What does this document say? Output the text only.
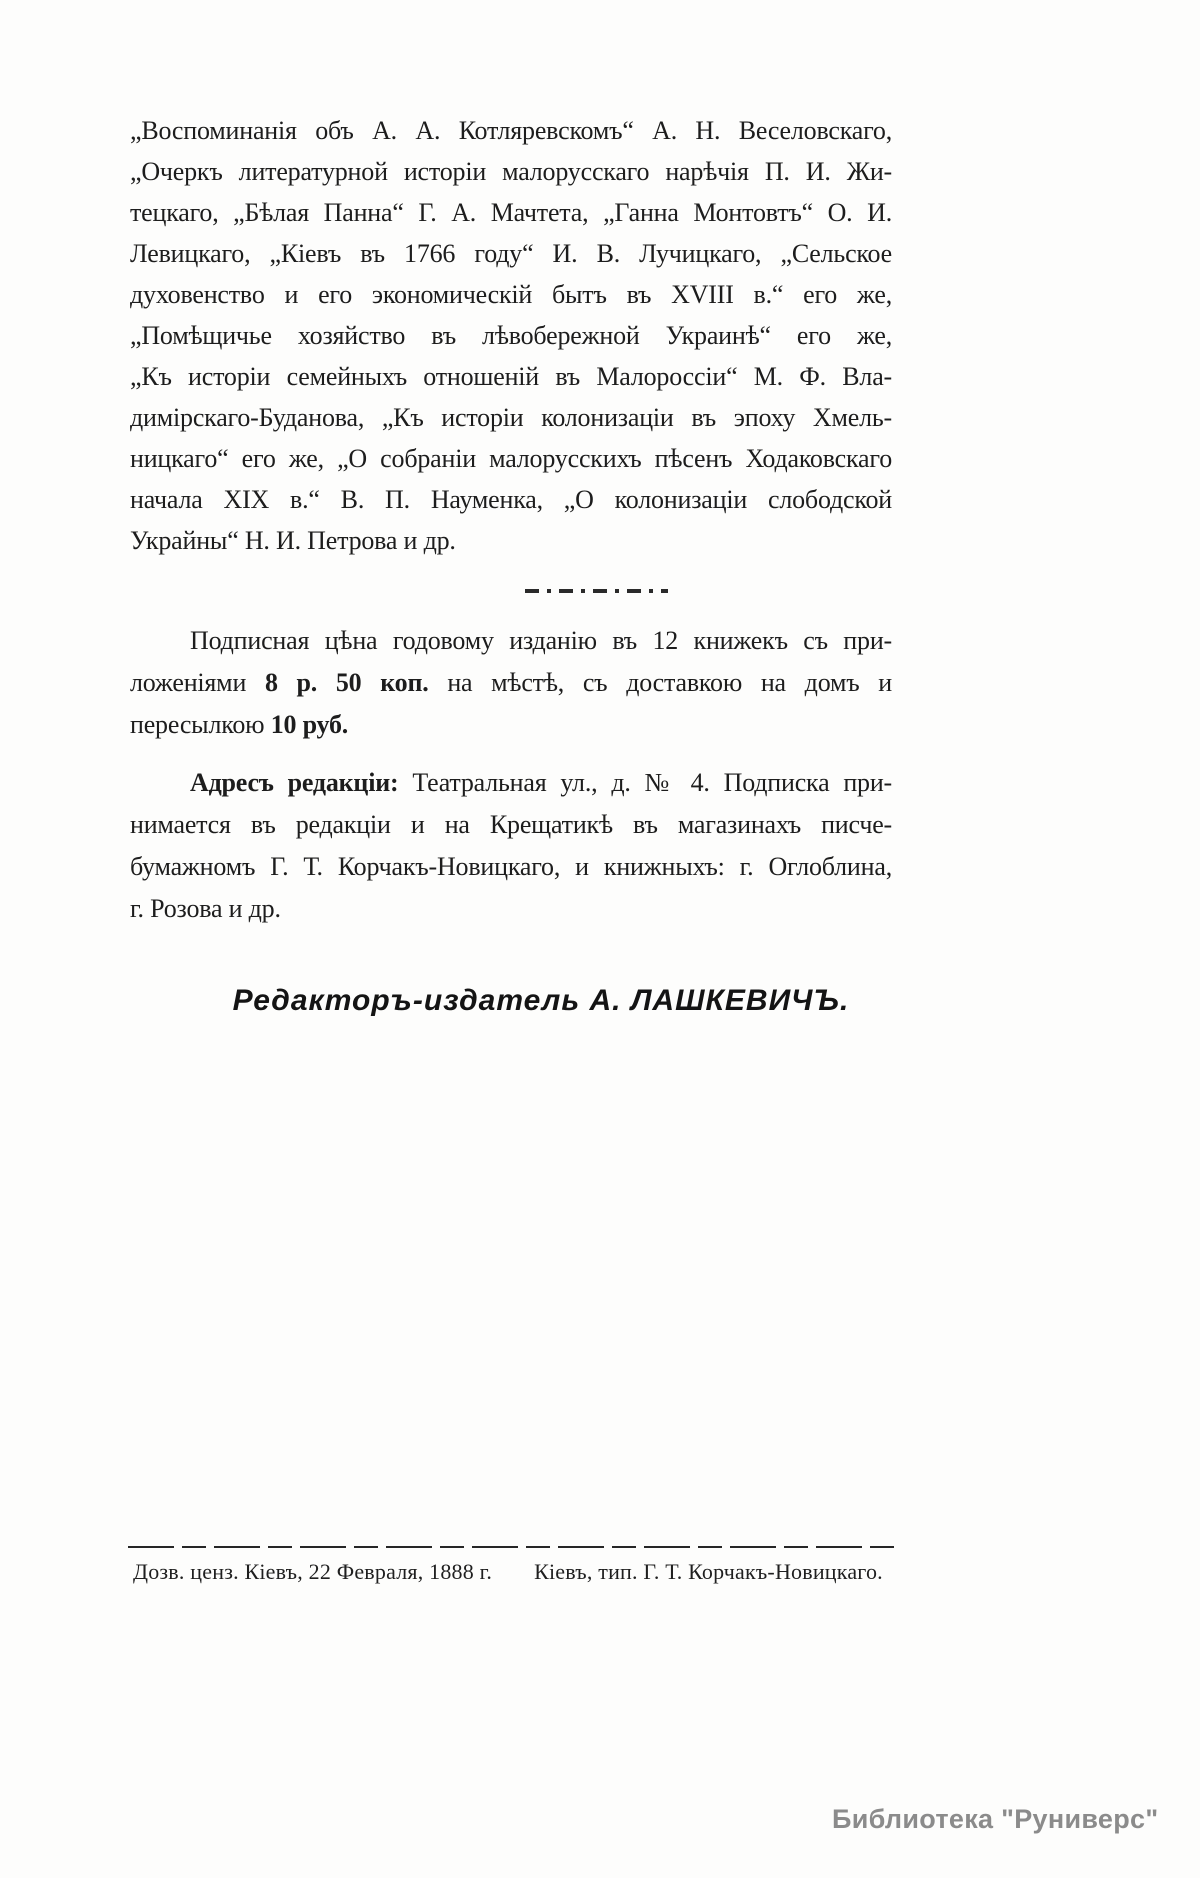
„Воспоминанія объ А. А. Котляревскомъ“ А. Н. Веселовскаго,
„Очеркъ литературной исторіи малорусскаго нарѣчія П. И. Жи-
тецкаго, „Бѣлая Панна“ Г. А. Мачтета, „Ганна Монтовтъ“ О. И.
Левицкаго, „Кіевъ въ 1766 году“ И. В. Лучицкаго, „Сельское
духовенство и его экономическій бытъ въ XVIII в.“ его же,
„Помѣщичье хозяйство въ лѣвобережной Украинѣ“ его же,
„Къ исторіи семейныхъ отношеній въ Малороссіи“ М. Ф. Вла-
димірскаго-Буданова, „Къ исторіи колонизаціи въ эпоху Хмель-
ницкаго“ его же, „О собраніи малорусскихъ пѣсенъ Ходаковскаго
начала XIX в.“ В. П. Науменка, „О колонизаціи слободской
Украйны“ Н. И. Петрова и др.
Подписная цѣна годовому изданію въ 12 книжекъ съ при-
ложеніями 8 р. 50 коп. на мѣстѣ, съ доставкою на домъ и
пересылкою 10 руб.
Адресъ редакціи: Театральная ул., д. № 4. Подписка при-
нимается въ редакціи и на Крещатикѣ въ магазинахъ писче-
бумажномъ Г. Т. Корчакъ-Новицкаго, и книжныхъ: г. Оглоблина,
г. Розова и др.
Редакторъ-издатель А. ЛАШКЕВИЧЪ.
Дозв. ценз. Кіевъ, 22 Февраля, 1888 г. Кіевъ, тип. Г. Т. Корчакъ-Новицкаго.
Библиотека "Руниверс"
